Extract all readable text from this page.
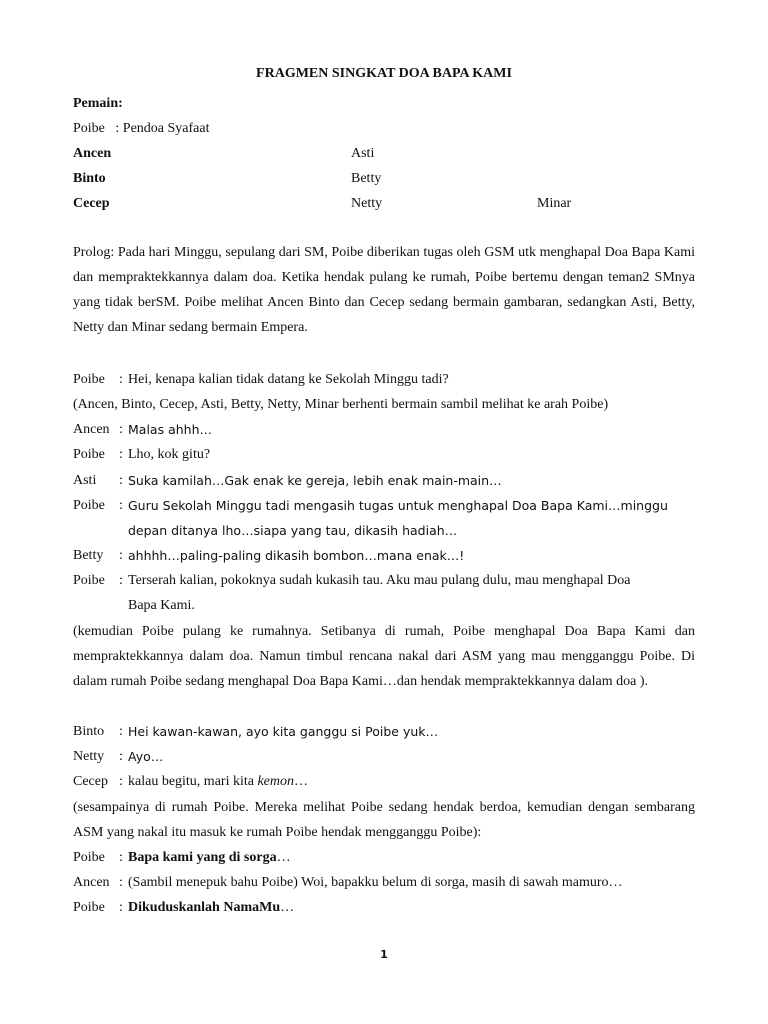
FRAGMEN SINGKAT DOA BAPA KAMI
Pemain:
Poibe : Pendoa Syafaat
Ancen	Asti
Binto	Betty
Cecep	Netty	Minar
Prolog: Pada hari Minggu, sepulang dari SM, Poibe diberikan tugas oleh GSM utk menghapal Doa Bapa Kami dan mempraktekkannya dalam doa. Ketika hendak pulang ke rumah, Poibe bertemu dengan teman2 SMnya yang tidak berSM. Poibe melihat Ancen Binto dan Cecep sedang bermain gambaran, sedangkan Asti, Betty, Netty dan Minar sedang bermain Empera.
Poibe	: Hei, kenapa kalian tidak datang ke Sekolah Minggu tadi?
(Ancen, Binto, Cecep, Asti, Betty, Netty, Minar berhenti bermain sambil melihat ke arah Poibe)
Ancen : Malas ahhh…
Poibe	: Lho, kok gitu?
Asti	: Suka kamilah…Gak enak ke gereja, lebih enak main-main…
Poibe	: Guru Sekolah Minggu tadi mengasih tugas untuk menghapal Doa Bapa Kami…minggu
depan ditanya lho…siapa yang tau, dikasih hadiah…
Betty	: ahhhh…paling-paling dikasih bombon…mana enak…!
Poibe	: Terserah kalian, pokoknya sudah kukasih tau. Aku mau pulang dulu, mau menghapal Doa
Bapa Kami.
(kemudian Poibe pulang ke rumahnya. Setibanya di rumah, Poibe menghapal Doa Bapa Kami dan mempraktekkannya dalam doa. Namun timbul rencana nakal dari ASM yang mau mengganggu Poibe. Di dalam rumah Poibe sedang menghapal Doa Bapa Kami…dan hendak mempraktekkannya dalam doa ).
Binto	: Hei kawan-kawan, ayo kita ganggu si Poibe yuk…
Netty	: Ayo…
Cecep : kalau begitu, mari kita kemon…
(sesampainya di rumah Poibe. Mereka melihat Poibe sedang hendak berdoa, kemudian dengan sembarang ASM yang nakal itu masuk ke rumah Poibe hendak mengganggu Poibe):
Poibe	: Bapa kami yang di sorga…
Ancen : (Sambil menepuk bahu Poibe) Woi, bapakku belum di sorga, masih di sawah mamuro…
Poibe	: Dikuduskanlah NamaMu…
1
